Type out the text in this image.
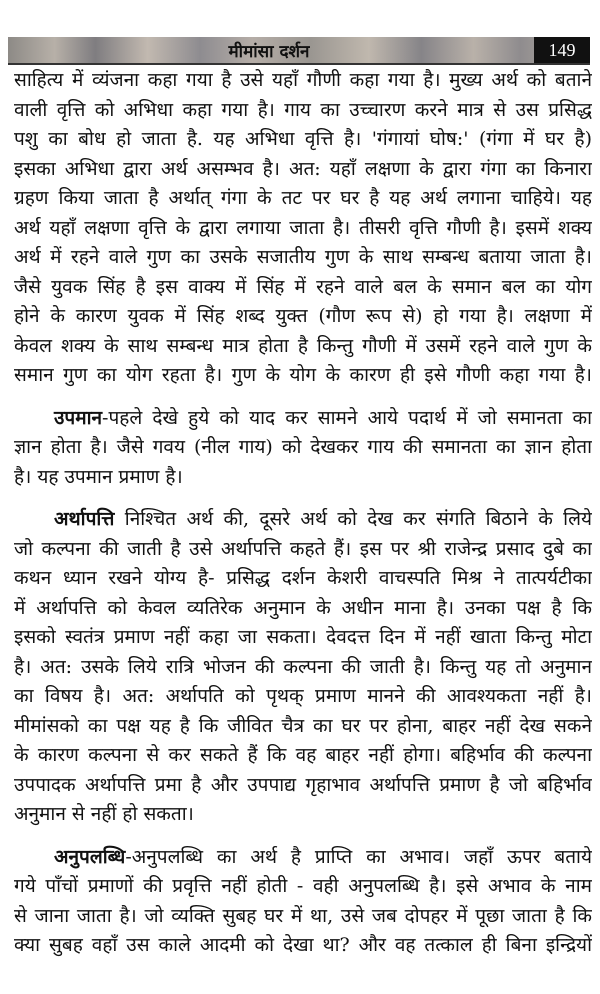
मीमांसा दर्शन	149
साहित्य में व्यंजना कहा गया है उसे यहाँ गौणी कहा गया है। मुख्य अर्थ को बताने
वाली वृत्ति को अभिधा कहा गया है। गाय का उच्चारण करने मात्र से उस प्रसिद्ध
पशु का बोध हो जाता है. यह अभिधा वृत्ति है। 'गंगायां घोष:' (गंगा में घर है)
इसका अभिधा द्वारा अर्थ असम्भव है। अत: यहाँ लक्षणा के द्वारा गंगा का किनारा
ग्रहण किया जाता है अर्थात् गंगा के तट पर घर है यह अर्थ लगाना चाहिये। यह
अर्थ यहाँ लक्षणा वृत्ति के द्वारा लगाया जाता है। तीसरी वृत्ति गौणी है। इसमें शक्य
अर्थ में रहने वाले गुण का उसके सजातीय गुण के साथ सम्बन्ध बताया जाता है।
जैसे युवक सिंह है इस वाक्य में सिंह में रहने वाले बल के समान बल का योग
होने के कारण युवक में सिंह शब्द युक्त (गौण रूप से) हो गया है। लक्षणा में
केवल शक्य के साथ सम्बन्ध मात्र होता है किन्तु गौणी में उसमें रहने वाले गुण के
समान गुण का योग रहता है। गुण के योग के कारण ही इसे गौणी कहा गया है।
उपमान-पहले देखे हुये को याद कर सामने आये पदार्थ में जो समानता का
ज्ञान होता है। जैसे गवय (नील गाय) को देखकर गाय की समानता का ज्ञान होता
है। यह उपमान प्रमाण है।
अर्थापत्ति निश्चित अर्थ की, दूसरे अर्थ को देख कर संगति बिठाने के लिये
जो कल्पना की जाती है उसे अर्थापत्ति कहते हैं। इस पर श्री राजेन्द्र प्रसाद दुबे का
कथन ध्यान रखने योग्य है- प्रसिद्ध दर्शन केशरी वाचस्पति मिश्र ने तात्पर्यटीका
में अर्थापत्ति को केवल व्यतिरेक अनुमान के अधीन माना है। उनका पक्ष है कि
इसको स्वतंत्र प्रमाण नहीं कहा जा सकता। देवदत्त दिन में नहीं खाता किन्तु मोटा
है। अत: उसके लिये रात्रि भोजन की कल्पना की जाती है। किन्तु यह तो अनुमान
का विषय है। अत: अर्थापति को पृथक् प्रमाण मानने की आवश्यकता नहीं है।
मीमांसको का पक्ष यह है कि जीवित चैत्र का घर पर होना, बाहर नहीं देख सकने
के कारण कल्पना से कर सकते हैं कि वह बाहर नहीं होगा। बहिर्भाव की कल्पना
उपपादक अर्थापत्ति प्रमा है और उपपाद्य गृहाभाव अर्थापत्ति प्रमाण है जो बहिर्भाव
अनुमान से नहीं हो सकता।
अनुपलब्धि-अनुपलब्धि का अर्थ है प्राप्ति का अभाव। जहाँ ऊपर बताये
गये पाँचों प्रमाणों की प्रवृत्ति नहीं होती - वही अनुपलब्धि है। इसे अभाव के नाम
से जाना जाता है। जो व्यक्ति सुबह घर में था, उसे जब दोपहर में पूछा जाता है कि
क्या सुबह वहाँ उस काले आदमी को देखा था? और वह तत्काल ही बिना इन्द्रियों
